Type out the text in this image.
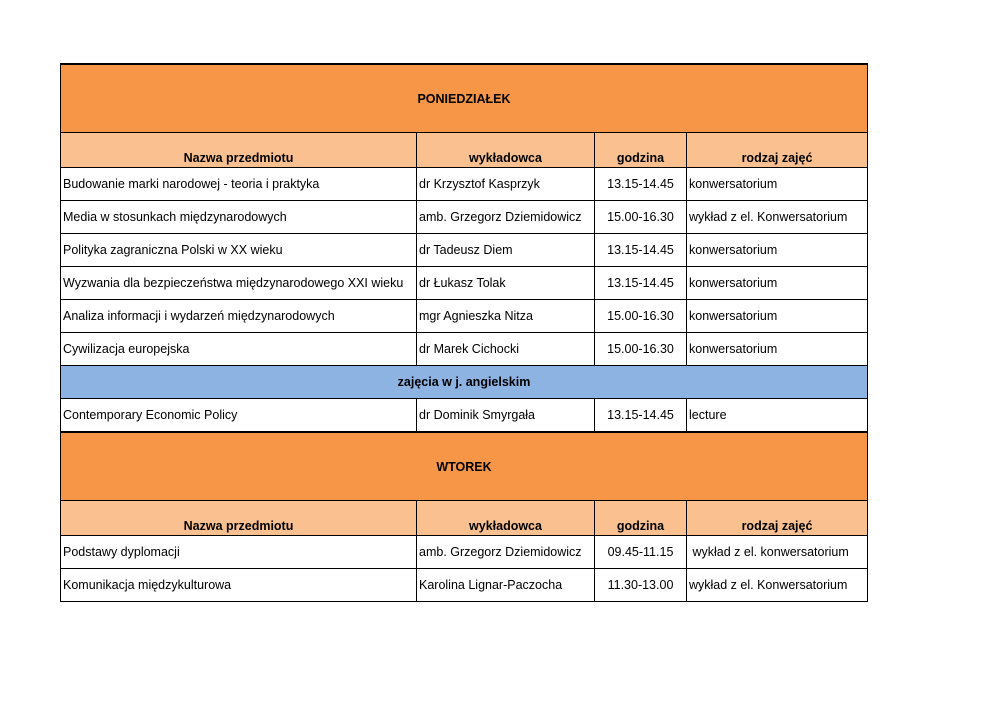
PONIEDZIAŁEK			
Nazwa przedmiotu	wykładowca	godzina	rodzaj zajęć
Budowanie marki narodowej - teoria i praktyka	dr Krzysztof Kasprzyk	13.15-14.45	konwersatorium
Media w stosunkach międzynarodowych	amb. Grzegorz Dziemidowicz	15.00-16.30	wykład z el. Konwersatorium
Polityka zagraniczna Polski w XX wieku	dr Tadeusz Diem	13.15-14.45	konwersatorium
Wyzwania dla bezpieczeństwa międzynarodowego XXI wieku	dr Łukasz Tolak	13.15-14.45	konwersatorium
Analiza informacji i wydarzeń międzynarodowych	mgr Agnieszka Nitza	15.00-16.30	konwersatorium
Cywilizacja europejska	dr Marek Cichocki	15.00-16.30	konwersatorium
zajęcia w j. angielskim			
Contemporary Economic Policy	dr Dominik Smyrgała	13.15-14.45	lecture
WTOREK			
Nazwa przedmiotu	wykładowca	godzina	rodzaj zajęć
Podstawy dyplomacji	amb. Grzegorz Dziemidowicz	09.45-11.15	wykład z el. konwersatorium
Komunikacja międzykulturowa	Karolina Lignar-Paczocha	11.30-13.00	wykład z el. Konwersatorium
